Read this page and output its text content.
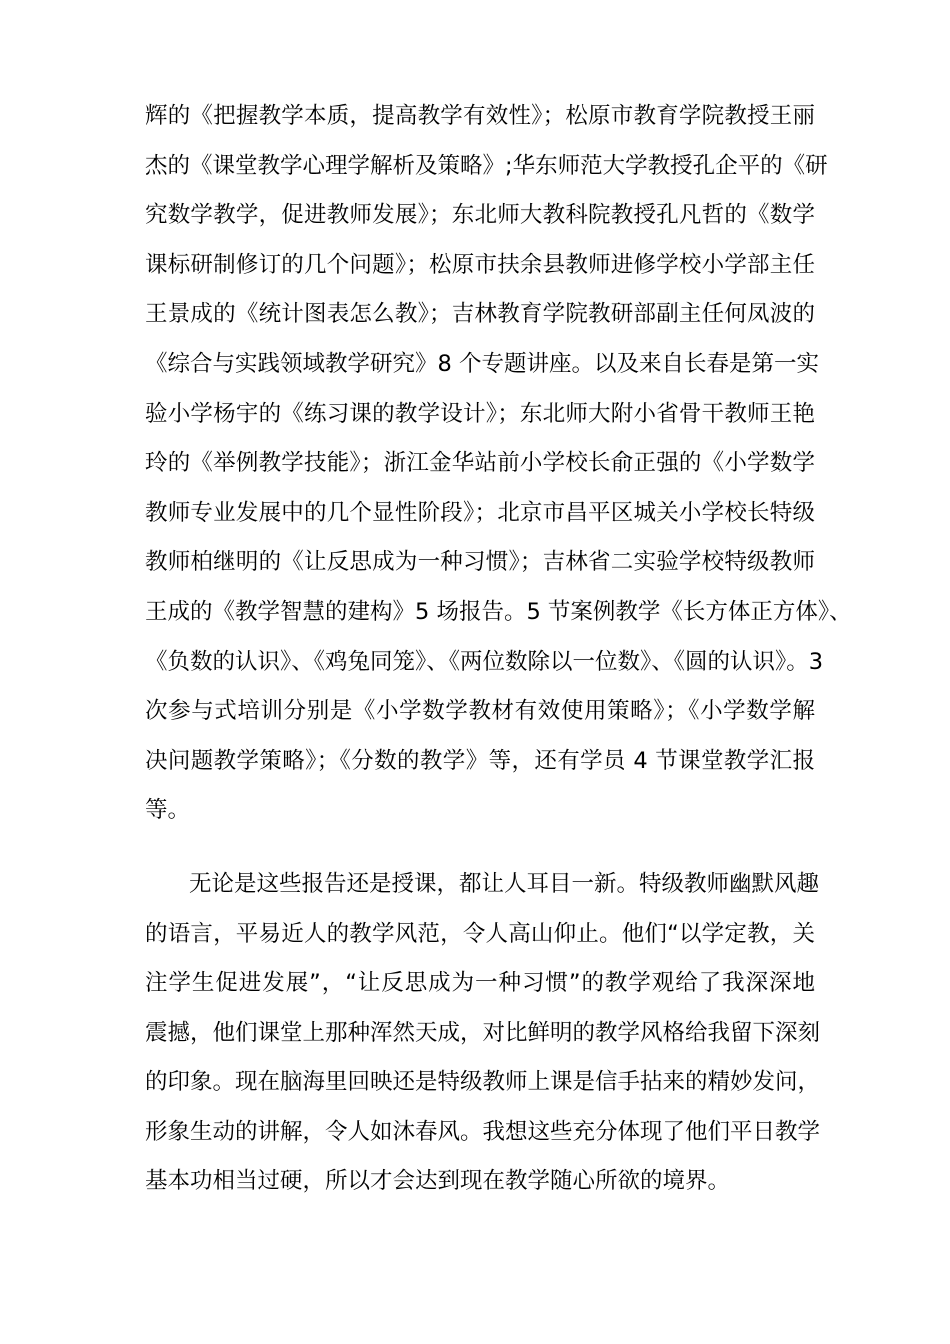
辉的《把握教学本质，提高教学有效性》；松原市教育学院教授王丽
杰的《课堂教学心理学解析及策略》;华东师范大学教授孔企平的《研
究数学教学，促进教师发展》；东北师大教科院教授孔凡哲的《数学
课标研制修订的几个问题》；松原市扶余县教师进修学校小学部主任
王景成的《统计图表怎么教》；吉林教育学院教研部副主任何凤波的
《综合与实践领域教学研究》8 个专题讲座。以及来自长春是第一实
验小学杨宇的《练习课的教学设计》；东北师大附小省骨干教师王艳
玲的《举例教学技能》；浙江金华站前小学校长俞正强的《小学数学
教师专业发展中的几个显性阶段》；北京市昌平区城关小学校长特级
教师柏继明的《让反思成为一种习惯》；吉林省二实验学校特级教师
王成的《教学智慧的建构》5 场报告。5 节案例教学《长方体正方体》、
《负数的认识》、《鸡兔同笼》、《两位数除以一位数》、《圆的认识》。3
次参与式培训分别是《小学数学教材有效使用策略》；《小学数学解
决问题教学策略》；《分数的教学》等，还有学员 4 节课堂教学汇报
等。
无论是这些报告还是授课，都让人耳目一新。特级教师幽默风趣
的语言，平易近人的教学风范，令人高山仰止。他们“以学定教，关
注学生促进发展”，“让反思成为一种习惯”的教学观给了我深深地
震撼，他们课堂上那种浑然天成，对比鲜明的教学风格给我留下深刻
的印象。现在脑海里回映还是特级教师上课是信手拈来的精妙发问，
形象生动的讲解，令人如沐春风。我想这些充分体现了他们平日教学
基本功相当过硬，所以才会达到现在教学随心所欲的境界。
